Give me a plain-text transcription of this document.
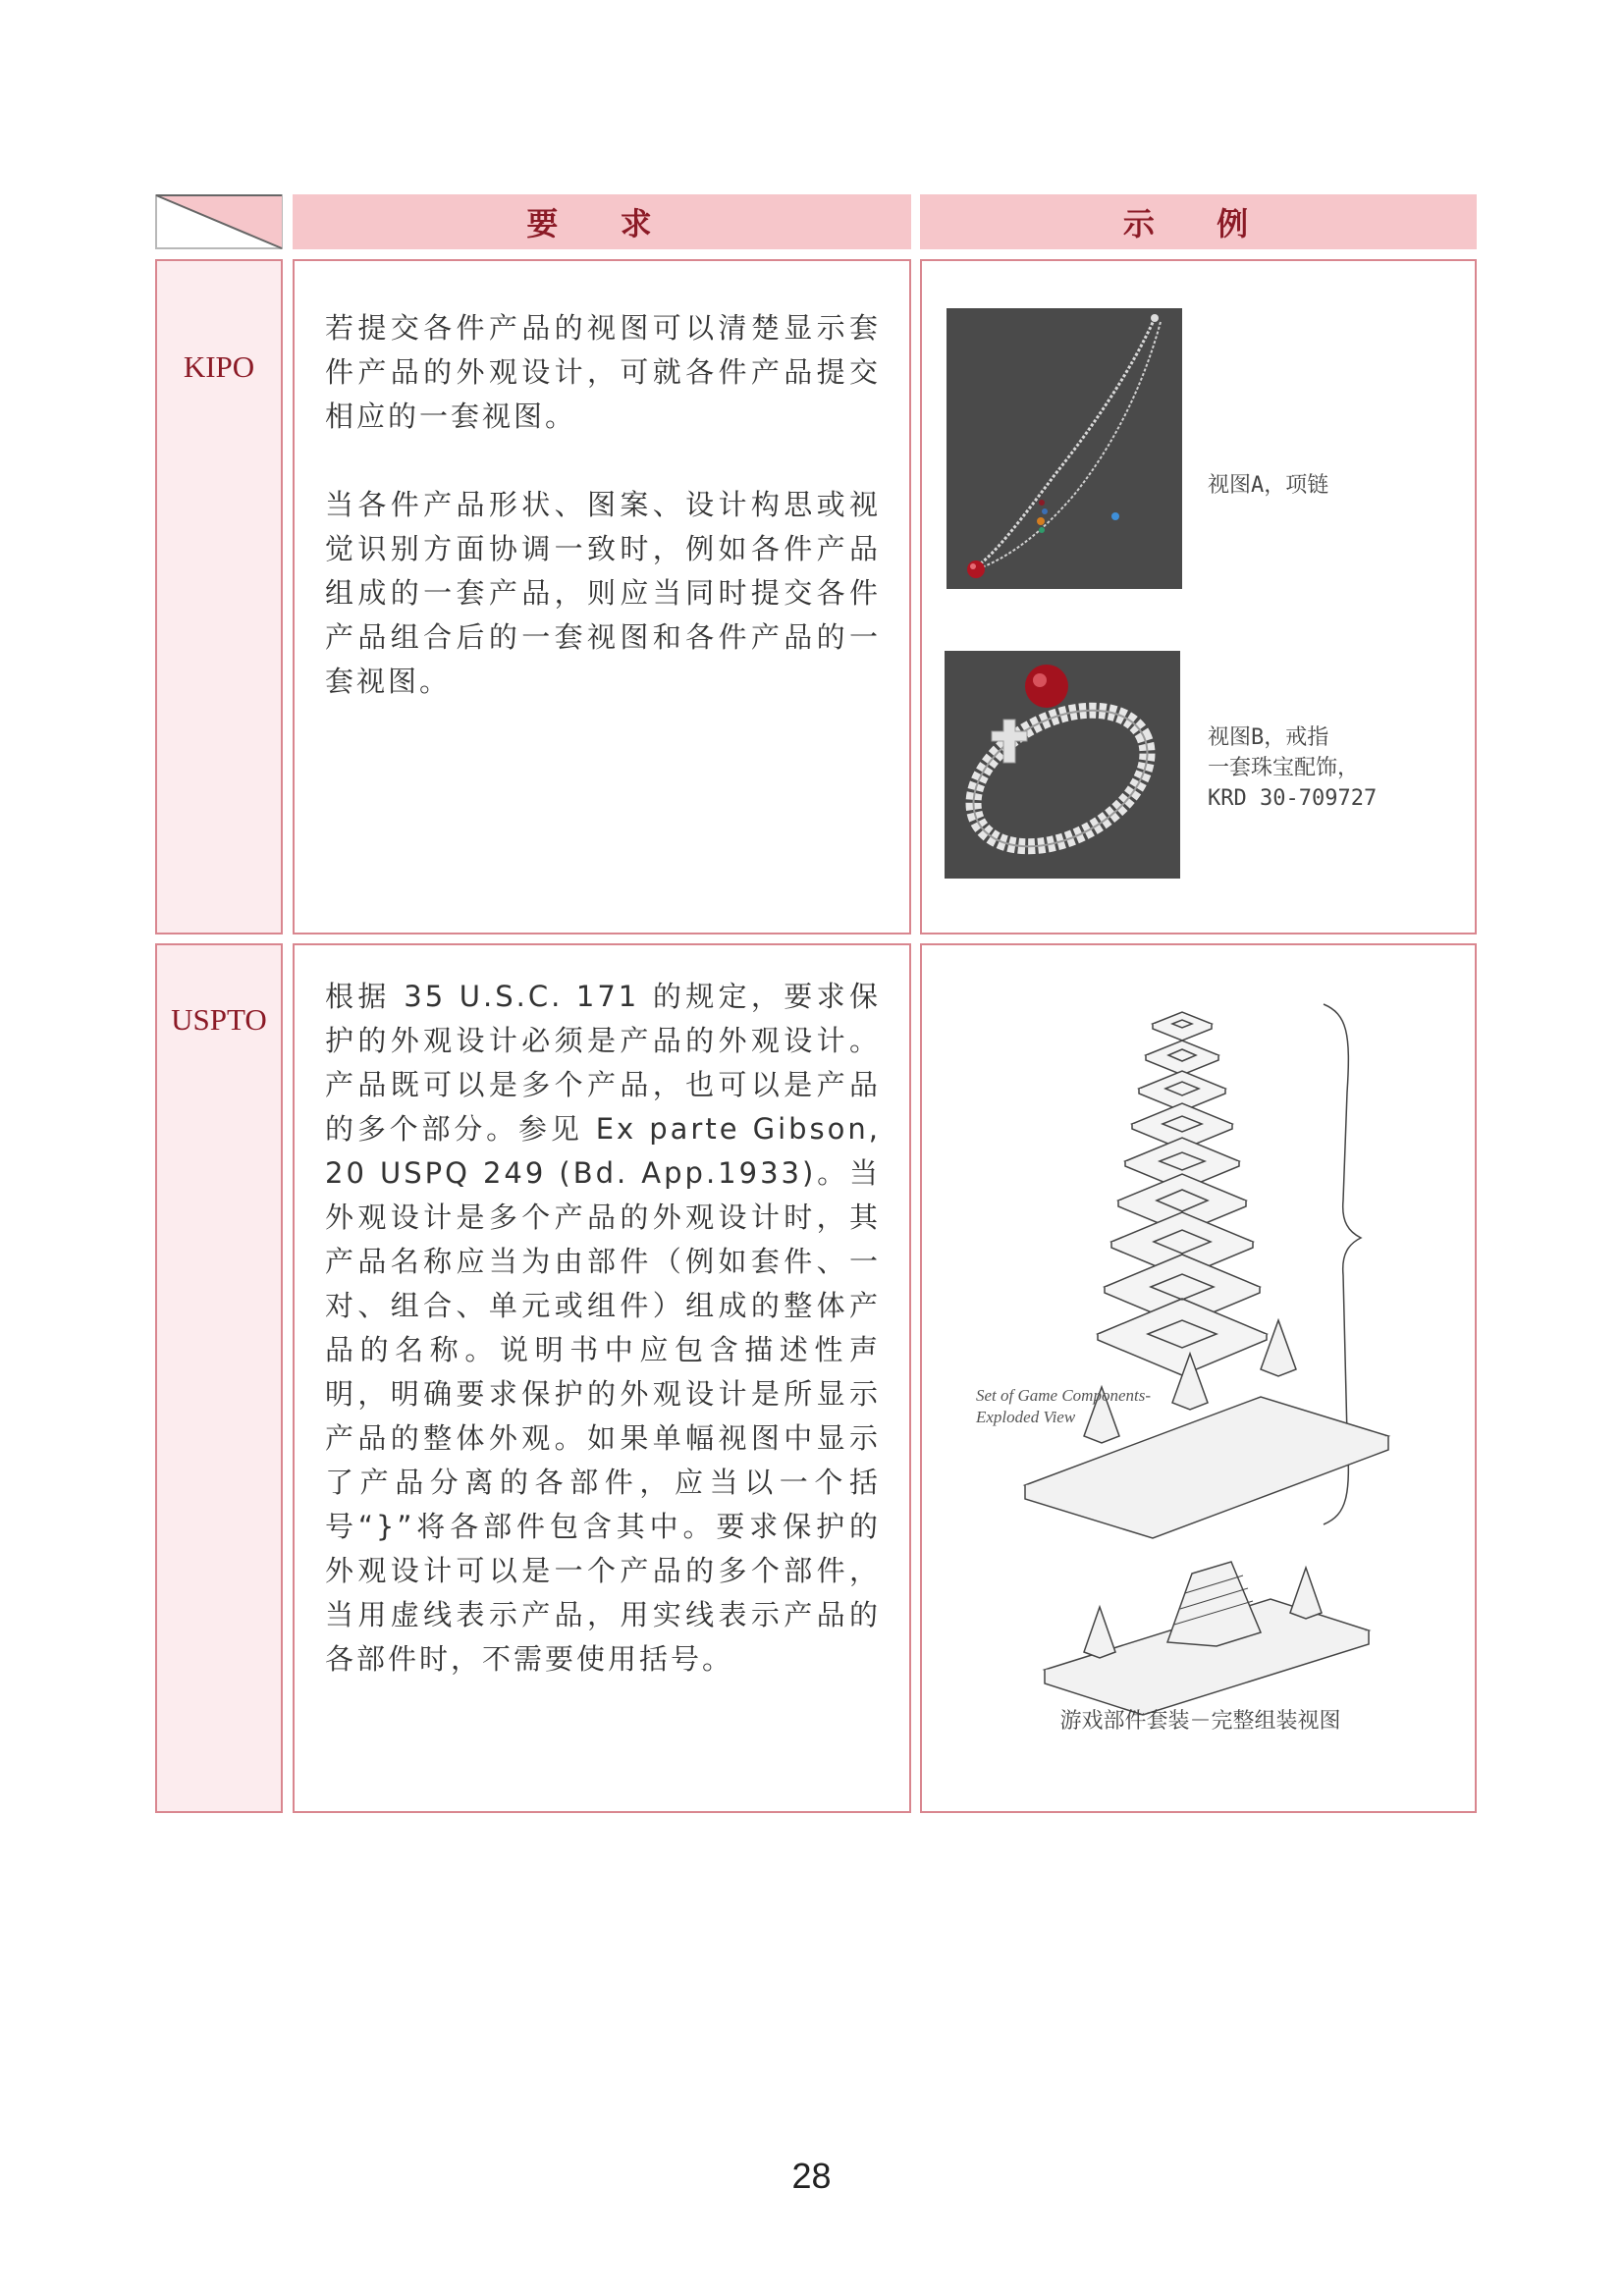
要 求	示 例
KIPO

若提交各件产品的视图可以清楚显示套件产品的外观设计，可就各件产品提交相应的一套视图。

当各件产品形状、图案、设计构思或视觉识别方面协调一致时，例如各件产品组成的一套产品，则应当同时提交各件产品组合后的一套视图和各件产品的一套视图。

视图A，项链
视图B，戒指
一套珠宝配饰，
KRD 30-709727
USPTO

根据 35 U.S.C. 171 的规定，要求保护的外观设计必须是产品的外观设计。产品既可以是多个产品，也可以是产品的多个部分。参见 Ex parte Gibson, 20 USPQ 249 (Bd. App.1933)。当外观设计是多个产品的外观设计时，其产品名称应当为由部件（例如套件、一对、组合、单元或组件）组成的整体产品的名称。说明书中应包含描述性声明，明确要求保护的外观设计是所显示产品的整体外观。如果单幅视图中显示了产品分离的各部件，应当以一个括号“}”将各部件包含其中。要求保护的外观设计可以是一个产品的多个部件，当用虚线表示产品，用实线表示产品的各部件时，不需要使用括号。

Set of Game Components-
Exploded View
游戏部件套装－完整组装视图
28
